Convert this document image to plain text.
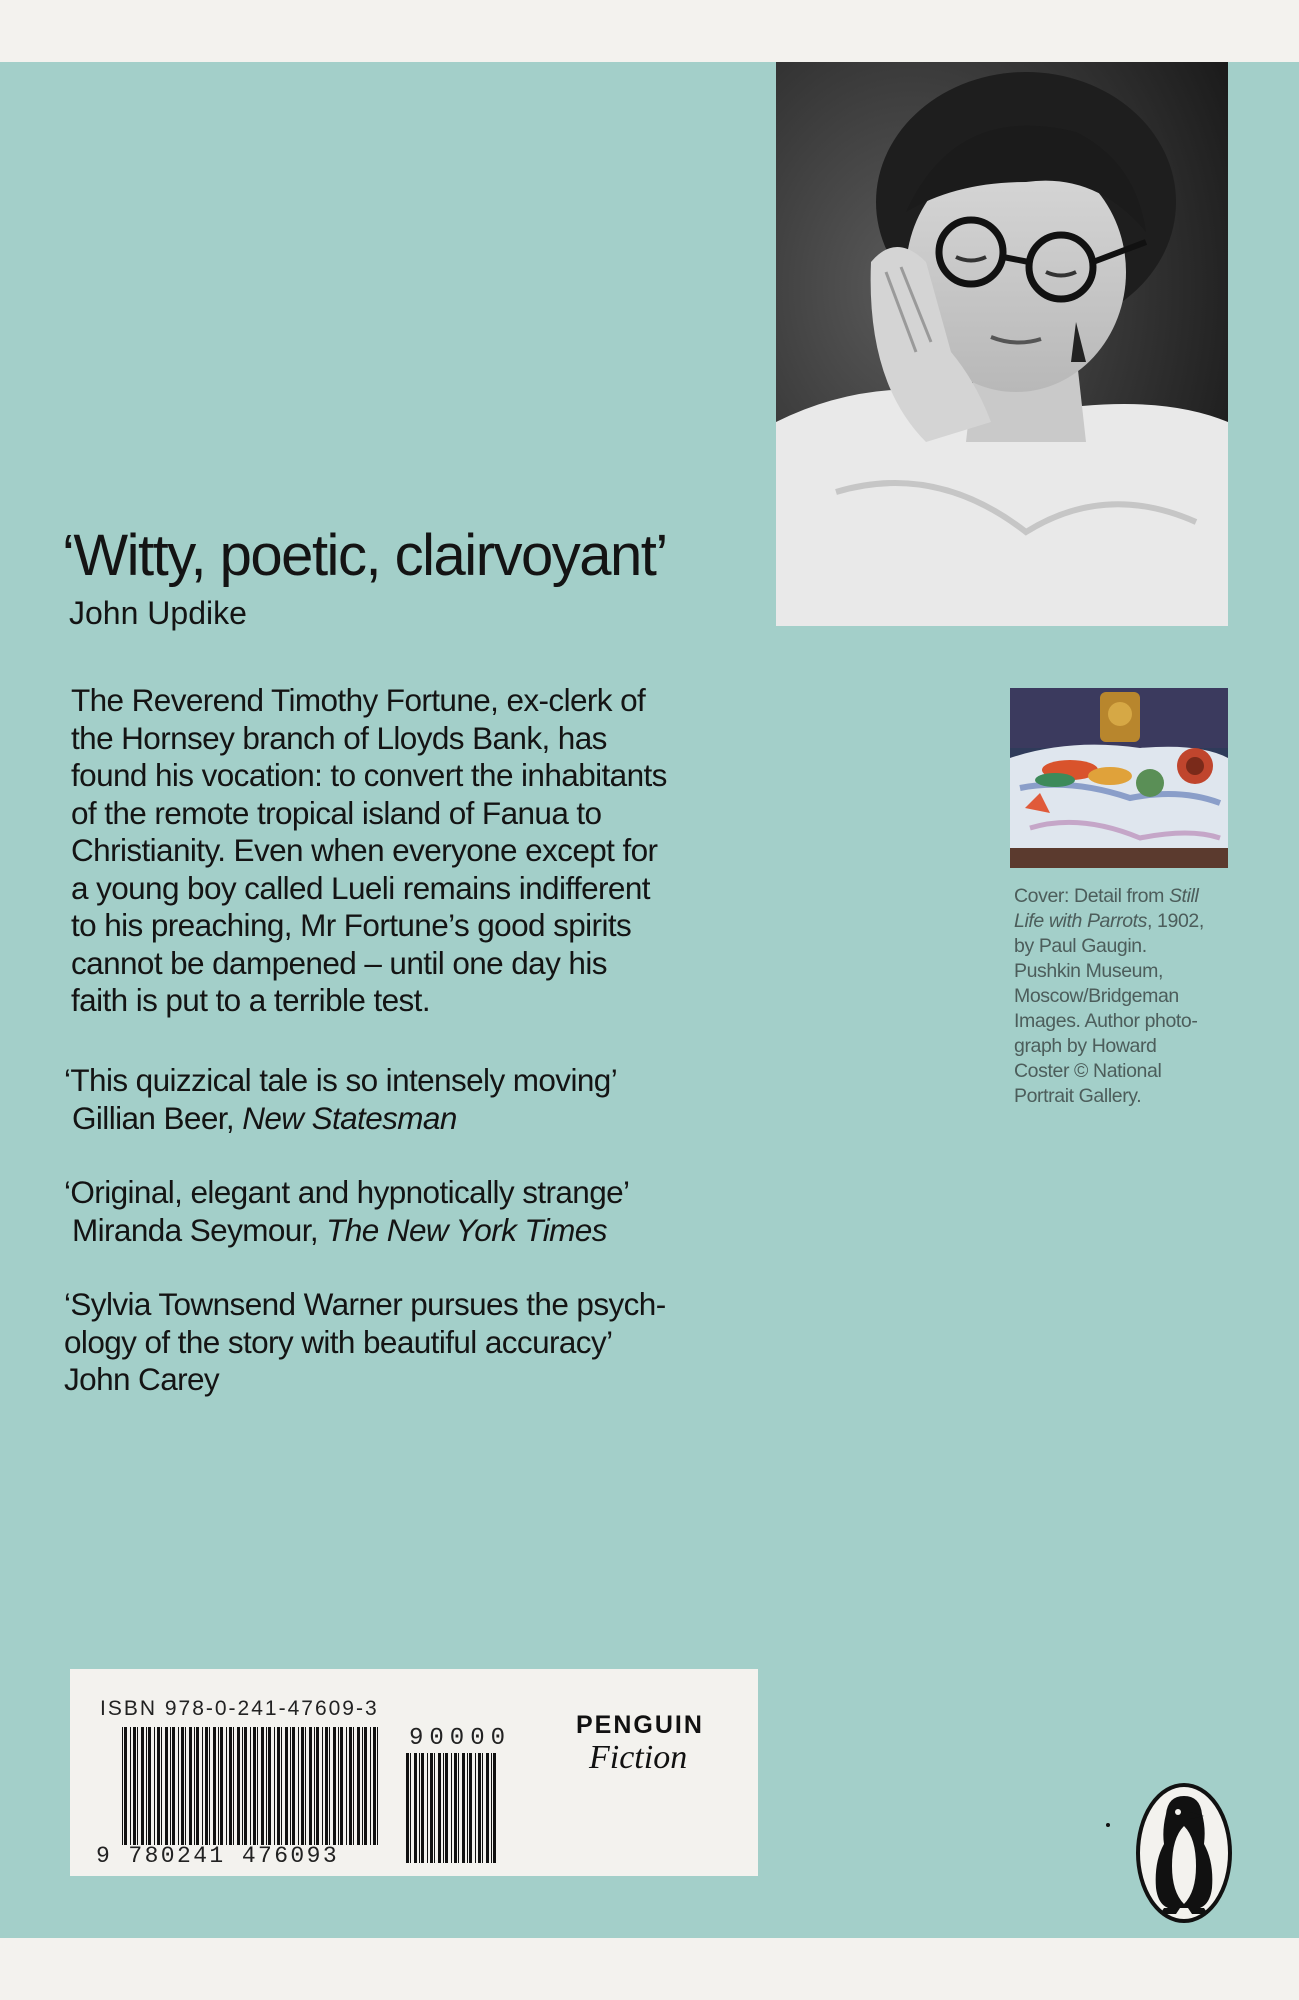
‘Witty, poetic, clairvoyant’
John Updike

The Reverend Timothy Fortune, ex-clerk of
the Hornsey branch of Lloyds Bank, has
found his vocation: to convert the inhabitants
of the remote tropical island of Fanua to
Christianity. Even when everyone except for
a young boy called Lueli remains indifferent
to his preaching, Mr Fortune’s good spirits
cannot be dampened – until one day his
faith is put to a terrible test.

‘This quizzical tale is so intensely moving’

Gillian Beer, New Statesman

‘Original, elegant and hypnotically strange’

Miranda Seymour, The New York Times

‘Sylvia Townsend Warner pursues the psych-

ology of the story with beautiful accuracy’

John Carey

Cover: Detail from Still
Life with Parrots, 1902,
by Paul Gaugin.
Pushkin Museum,
Moscow/Bridgeman
Images. Author photo-
graph by Howard
Coster © National
Portrait Gallery.
ISBN 978-0-241-47609-3
90000
9 780241 476093
PENGUIN
Fiction
